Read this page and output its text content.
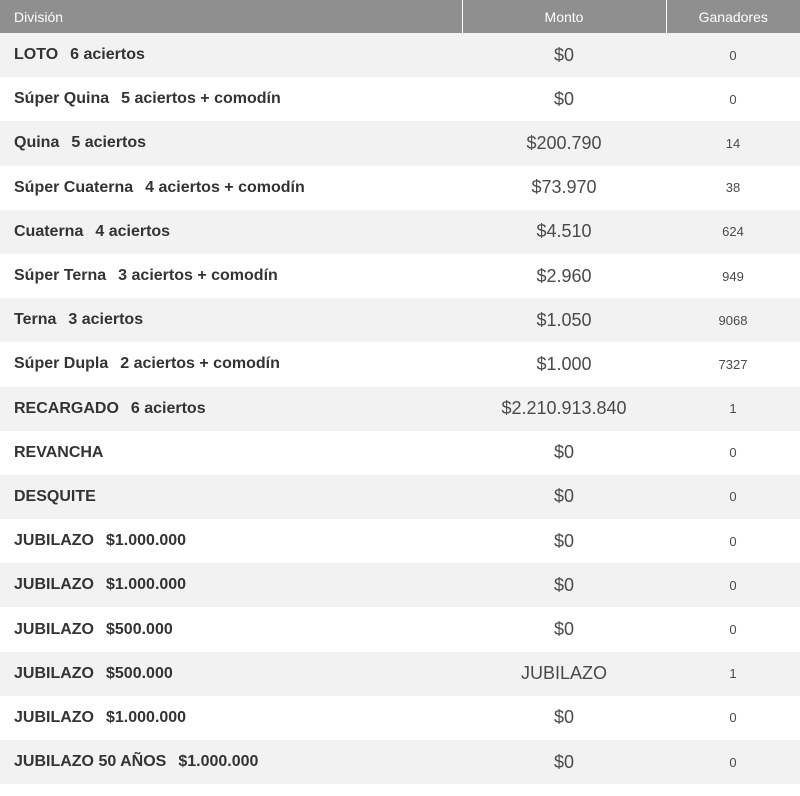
División	Monto	Ganadores
LOTO 6 aciertos	$0	0
Súper Quina 5 aciertos + comodín	$0	0
Quina 5 aciertos	$200.790	14
Súper Cuaterna 4 aciertos + comodín	$73.970	38
Cuaterna 4 aciertos	$4.510	624
Súper Terna 3 aciertos + comodín	$2.960	949
Terna 3 aciertos	$1.050	9068
Súper Dupla 2 aciertos + comodín	$1.000	7327
RECARGADO 6 aciertos	$2.210.913.840	1
REVANCHA	$0	0
DESQUITE	$0	0
JUBILAZO $1.000.000	$0	0
JUBILAZO $1.000.000	$0	0
JUBILAZO $500.000	$0	0
JUBILAZO $500.000	JUBILAZO	1
JUBILAZO $1.000.000	$0	0
JUBILAZO 50 AÑOS $1.000.000	$0	0
